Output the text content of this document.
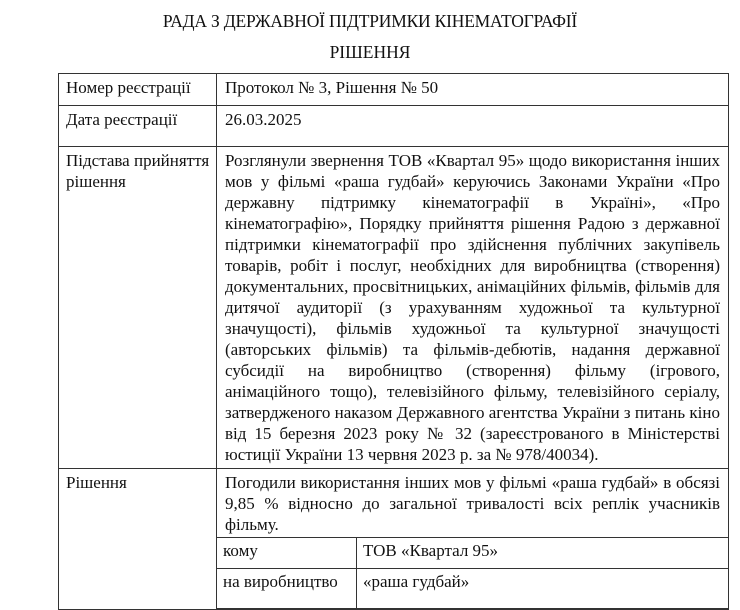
РАДА З ДЕРЖАВНОЇ ПІДТРИМКИ КІНЕМАТОГРАФІЇ
РІШЕННЯ
Номер реєстрації	Протокол № 3, Рішення № 50
Дата реєстрації	26.03.2025
Підстава прийняття рішення	Розглянули звернення ТОВ «Квартал 95» щодо використання інших мов у фільмі «раша гудбай» керуючись Законами України «Про державну підтримку кінематографії в Україні», «Про кінематографію», Порядку прийняття рішення Радою з державної підтримки кінематографії про здійснення публічних закупівель товарів, робіт і послуг, необхідних для виробництва (створення) документальних, просвітницьких, анімаційних фільмів, фільмів для дитячої аудиторії (з урахуванням художньої та культурної значущості), фільмів художньої та культурної значущості (авторських фільмів) та фільмів-дебютів, надання державної субсидії на виробництво (створення) фільму (ігрового, анімаційного тощо), телевізійного фільму, телевізійного серіалу, затвердженого наказом Державного агентства України з питань кіно від 15 березня 2023 року № 32 (зареєстрованого в Міністерстві юстиції України 13 червня 2023 р. за № 978/40034).
Рішення	Погодили використання інших мов у фільмі «раша гудбай» в обсязі 9,85 % відносно до загальної тривалості всіх реплік учасників фільму.
кому	ТОВ «Квартал 95»
на виробництво	«раша гудбай»
